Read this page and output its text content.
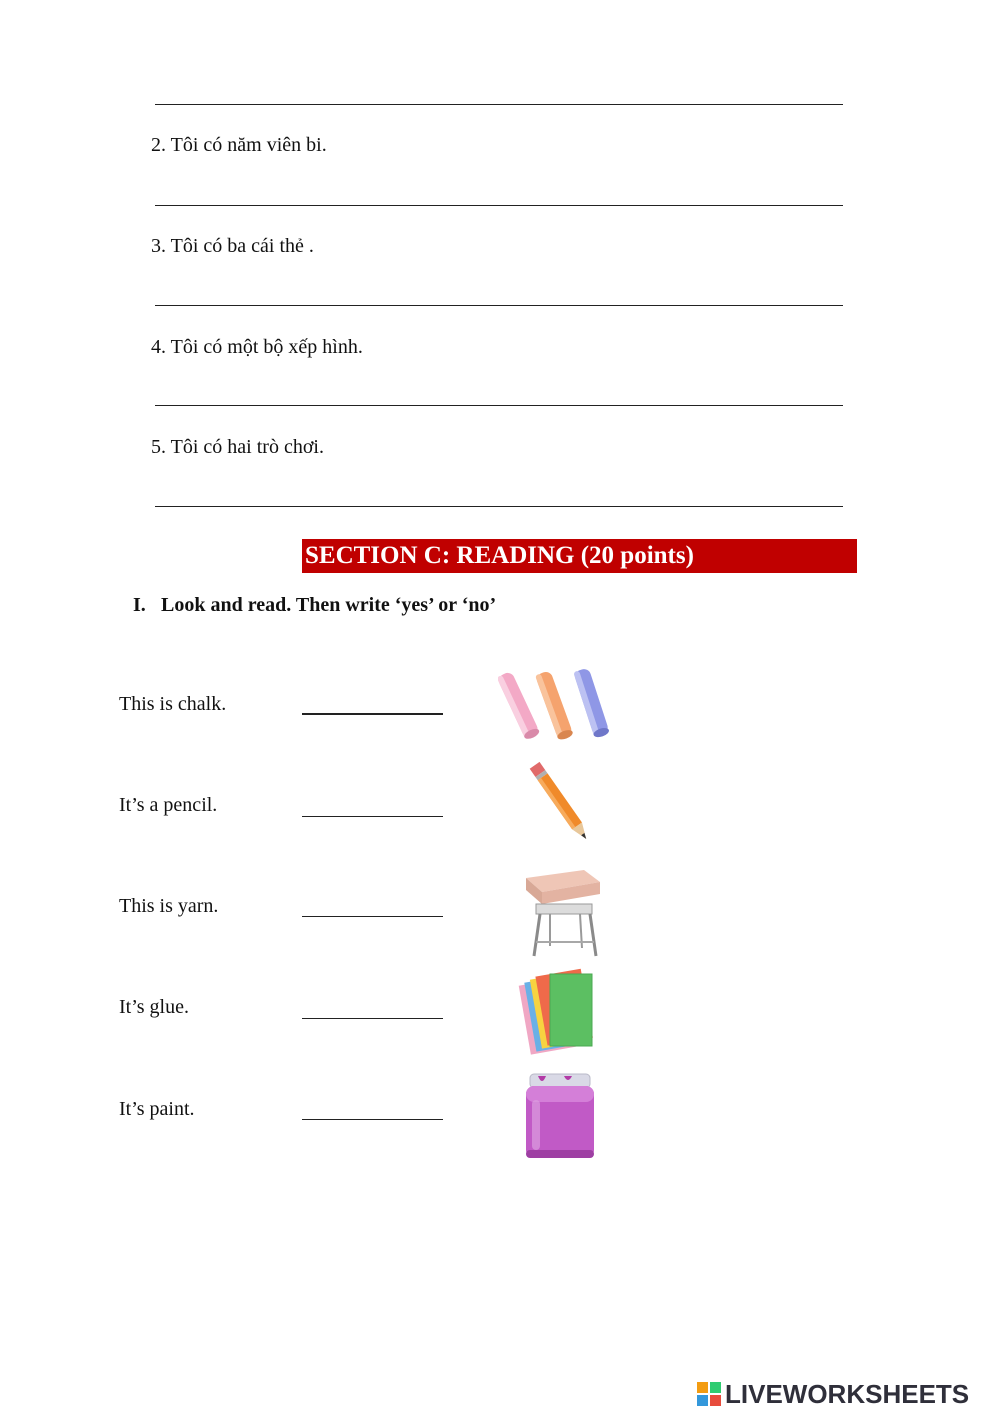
2. Tôi có năm viên bi.
3. Tôi có ba cái thẻ .
4. Tôi có một bộ xếp hình.
5. Tôi có hai trò chơi.
SECTION C: READING (20 points)
I. Look and read. Then write ‘yes’ or ‘no’
This is chalk.
It’s a pencil.
This is yarn.
It’s glue.
It’s paint.
LIVEWORKSHEETS
